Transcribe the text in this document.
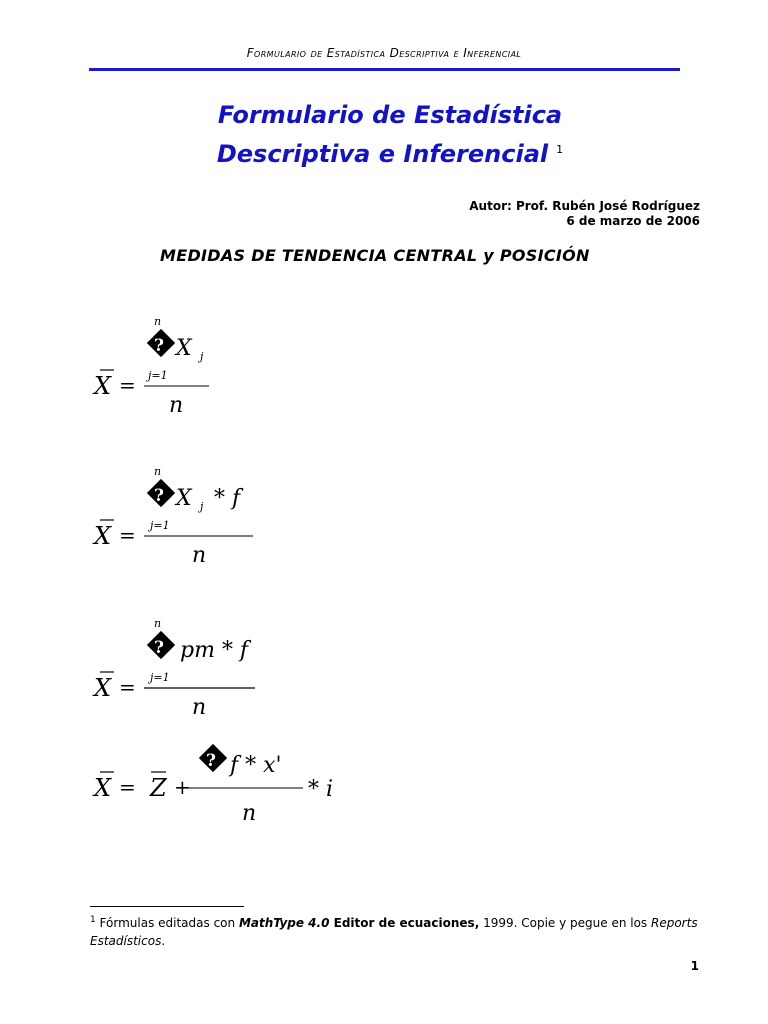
Formulario de Estadística Descriptiva e Inferencial
Formulario de Estadística
Descriptiva e Inferencial $^1$
Autor: Prof. Rubén José Rodríguez
6 de marzo de 2006
MEDIDAS DE TENDENCIA CENTRAL y POSICIÓN
X =
n
? X j
j=1
n
X =
n
? X j * f
j=1
n
X =
n
? pm * f
j=1
n
X = Z +
? f * x'
* i
n
$^1$ Fórmulas editadas con MathType 4.0 Editor de ecuaciones, 1999. Copie y pegue en los Reports Estadísticos.
1
